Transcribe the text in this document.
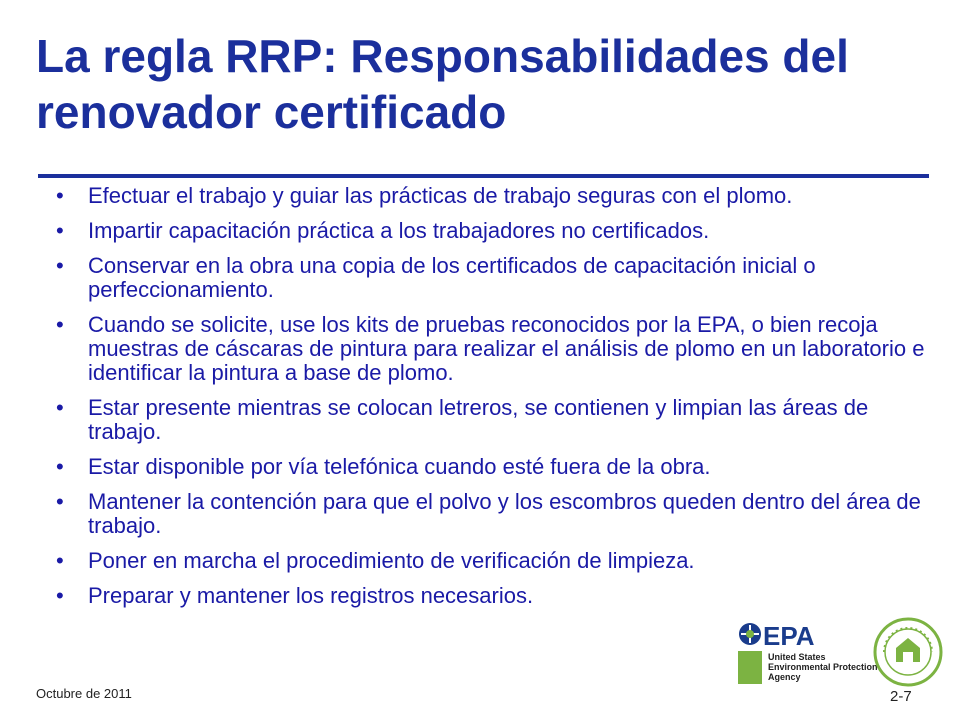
La regla RRP: Responsabilidades del renovador certificado
• Efectuar el trabajo y guiar las prácticas de trabajo seguras con el plomo.
• Impartir capacitación práctica a los trabajadores no certificados.
• Conservar en la obra una copia de los certificados de capacitación inicial o perfeccionamiento.
• Cuando se solicite, use los kits de pruebas reconocidos por la EPA, o bien recoja muestras de cáscaras de pintura para realizar el análisis de plomo en un laboratorio e identificar la pintura a base de plomo.
• Estar presente mientras se colocan letreros, se contienen y limpian las áreas de trabajo.
• Estar disponible por vía telefónica cuando esté fuera de la obra.
• Mantener la contención para que el polvo y los escombros queden dentro del área de trabajo.
• Poner en marcha el procedimiento de verificación de limpieza.
• Preparar y mantener los registros necesarios.
EPA
United States
Environmental Protection
Agency
Octubre de 2011	2-7
